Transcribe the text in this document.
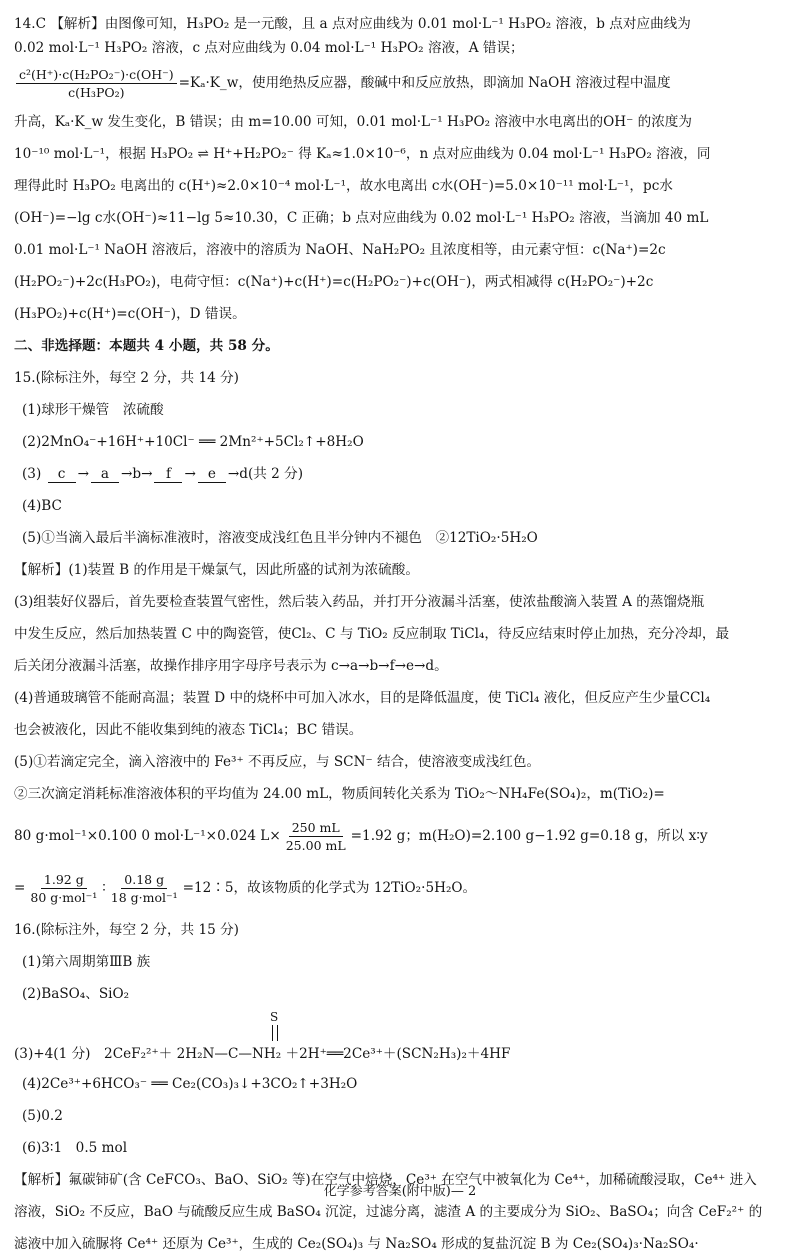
14.C 【解析】由图像可知，H₃PO₂ 是一元酸，且 a 点对应曲线为 0.01 mol·L⁻¹ H₃PO₂ 溶液，b 点对应曲线为
0.02 mol·L⁻¹ H₃PO₂ 溶液，c 点对应曲线为 0.04 mol·L⁻¹ H₃PO₂ 溶液，A 错误；
$\frac{\text{c²(H⁺)·c(H₂PO₂⁻)·c(OH⁻)}}{\text{c(H₃PO₂)}}$ =Kₐ·K_w，使用绝热反应器，酸碱中和反应放热，即滴加 NaOH 溶液过程中温度
升高，Kₐ·K_w 发生变化，B 错误；由 m=10.00 可知，0.01 mol·L⁻¹ H₃PO₂ 溶液中水电离出的OH⁻ 的浓度为
10⁻¹⁰ mol·L⁻¹，根据 H₃PO₂ ⇌ H⁺+H₂PO₂⁻ 得 Kₐ≈1.0×10⁻⁶，n 点对应曲线为 0.04 mol·L⁻¹ H₃PO₂ 溶液，同
理得此时 H₃PO₂ 电离出的 c(H⁺)≈2.0×10⁻⁴ mol·L⁻¹，故水电离出 c水(OH⁻)=5.0×10⁻¹¹ mol·L⁻¹，pc水
(OH⁻)=−lg c水(OH⁻)≈11−lg 5≈10.30，C 正确；b 点对应曲线为 0.02 mol·L⁻¹ H₃PO₂ 溶液，当滴加 40 mL
0.01 mol·L⁻¹ NaOH 溶液后，溶液中的溶质为 NaOH、NaH₂PO₂ 且浓度相等，由元素守恒：c(Na⁺)=2c
(H₂PO₂⁻)+2c(H₃PO₂)，电荷守恒：c(Na⁺)+c(H⁺)=c(H₂PO₂⁻)+c(OH⁻)，两式相减得 c(H₂PO₂⁻)+2c
(H₃PO₂)+c(H⁺)=c(OH⁻)，D 错误。
二、非选择题：本题共 4 小题，共 58 分。
15.(除标注外，每空 2 分，共 14 分)
(1)球形干燥管　浓硫酸
(2)2MnO₄⁻+16H⁺+10Cl⁻ ══ 2Mn²⁺+5Cl₂↑+8H₂O
(3) c → a →b→ f → e →d(共 2 分)
(4)BC
(5)①当滴入最后半滴标准液时，溶液变成浅红色且半分钟内不褪色　②12TiO₂·5H₂O
【解析】(1)装置 B 的作用是干燥氯气，因此所盛的试剂为浓硫酸。
(3)组装好仪器后，首先要检查装置气密性，然后装入药品，并打开分液漏斗活塞，使浓盐酸滴入装置 A 的蒸馏烧瓶
中发生反应，然后加热装置 C 中的陶瓷管，使Cl₂、C 与 TiO₂ 反应制取 TiCl₄，待反应结束时停止加热，充分冷却，最
后关闭分液漏斗活塞，故操作排序用字母序号表示为 c→a→b→f→e→d。
(4)普通玻璃管不能耐高温；装置 D 中的烧杯中可加入冰水，目的是降低温度，使 TiCl₄ 液化，但反应产生少量CCl₄
也会被液化，因此不能收集到纯的液态 TiCl₄；BC 错误。
(5)①若滴定完全，滴入溶液中的 Fe³⁺ 不再反应，与 SCN⁻ 结合，使溶液变成浅红色。
②三次滴定消耗标准溶液体积的平均值为 24.00 mL，物质间转化关系为 TiO₂～NH₄Fe(SO₄)₂，m(TiO₂)=
80 g·mol⁻¹×0.100 0 mol·L⁻¹×0.024 $L\times \frac{250 mL}{25.00 mL} =1.92$ g；m(H₂O)=2.100 g−1.92 g=0.18 g，所以 x∶y
= $\frac{1.92 g}{\text{80 g·mol⁻¹}}$ ∶ $\frac{0.18 g}{\text{18 g·mol⁻¹}}$ =12∶5，故该物质的化学式为 12TiO₂·5H₂O。
16.(除标注外，每空 2 分，共 15 分)
(1)第六周期第ⅢB 族
(2)BaSO₄、SiO₂
S
(3)+4(1 分)　2CeF₂²⁺＋ 2H₂N—C—NH₂ ＋2H⁺══2Ce³⁺＋(SCN₂H₃)₂＋4HF
(4)2Ce³⁺+6HCO₃⁻ ══ Ce₂(CO₃)₃↓+3CO₂↑+3H₂O
(5)0.2
(6)3∶1　0.5 mol
【解析】氟碳铈矿(含 CeFCO₃、BaO、SiO₂ 等)在空气中焙烧，Ce³⁺ 在空气中被氧化为 Ce⁴⁺，加稀硫酸浸取，Ce⁴⁺ 进入
溶液，SiO₂ 不反应，BaO 与硫酸反应生成 BaSO₄ 沉淀，过滤分离，滤渣 A 的主要成分为 SiO₂、BaSO₄；向含 CeF₂²⁺ 的
滤液中加入硫脲将 Ce⁴⁺ 还原为 Ce³⁺，生成的 Ce₂(SO₄)₃ 与 Na₂SO₄ 形成的复盐沉淀 B 为 Ce₂(SO₄)₃·Na₂SO₄·
化学参考答案(附中版)— 2
